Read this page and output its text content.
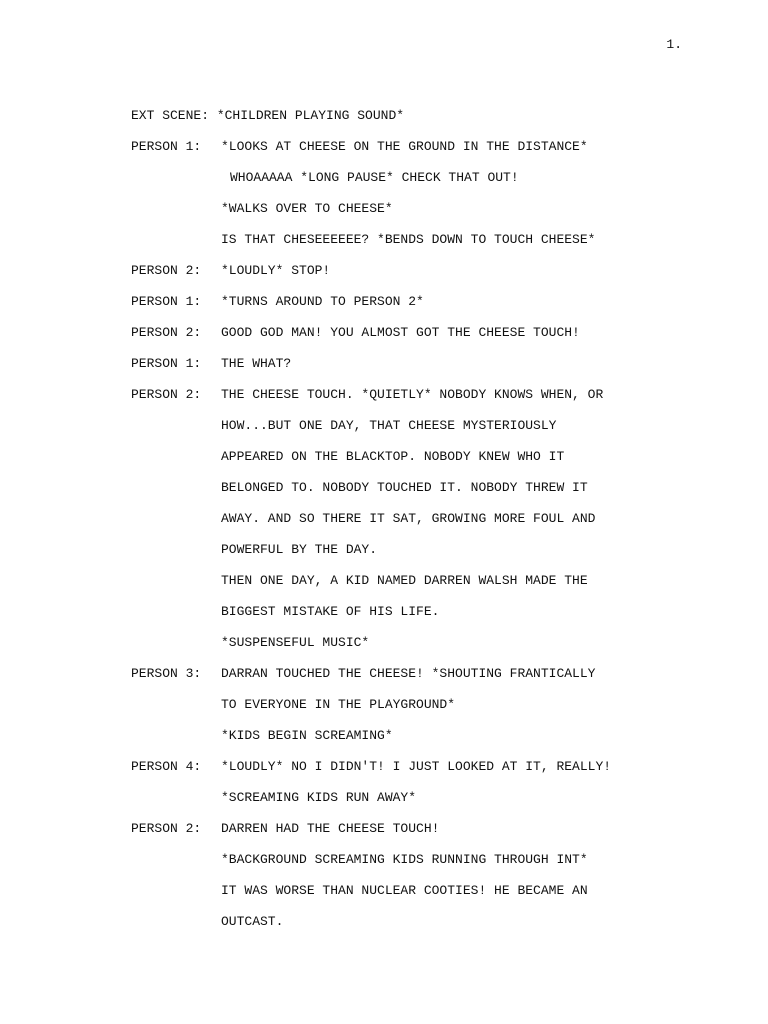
1.
EXT SCENE: *CHILDREN PLAYING SOUND*
PERSON 1: *LOOKS AT CHEESE ON THE GROUND IN THE DISTANCE*
WHOAAAAA *LONG PAUSE* CHECK THAT OUT!
*WALKS OVER TO CHEESE*
IS THAT CHESEEEEEE? *BENDS DOWN TO TOUCH CHEESE*
PERSON 2: *LOUDLY* STOP!
PERSON 1: *TURNS AROUND TO PERSON 2*
PERSON 2: GOOD GOD MAN! YOU ALMOST GOT THE CHEESE TOUCH!
PERSON 1: THE WHAT?
PERSON 2: THE CHEESE TOUCH. *QUIETLY* NOBODY KNOWS WHEN, OR
HOW...BUT ONE DAY, THAT CHEESE MYSTERIOUSLY
APPEARED ON THE BLACKTOP. NOBODY KNEW WHO IT
BELONGED TO. NOBODY TOUCHED IT. NOBODY THREW IT
AWAY. AND SO THERE IT SAT, GROWING MORE FOUL AND
POWERFUL BY THE DAY.
THEN ONE DAY, A KID NAMED DARREN WALSH MADE THE
BIGGEST MISTAKE OF HIS LIFE.
*SUSPENSEFUL MUSIC*
PERSON 3: DARRAN TOUCHED THE CHEESE! *SHOUTING FRANTICALLY
TO EVERYONE IN THE PLAYGROUND*
*KIDS BEGIN SCREAMING*
PERSON 4: *LOUDLY* NO I DIDN'T! I JUST LOOKED AT IT, REALLY!
*SCREAMING KIDS RUN AWAY*
PERSON 2: DARREN HAD THE CHEESE TOUCH!
*BACKGROUND SCREAMING KIDS RUNNING THROUGH INT*
IT WAS WORSE THAN NUCLEAR COOTIES! HE BECAME AN
OUTCAST.
